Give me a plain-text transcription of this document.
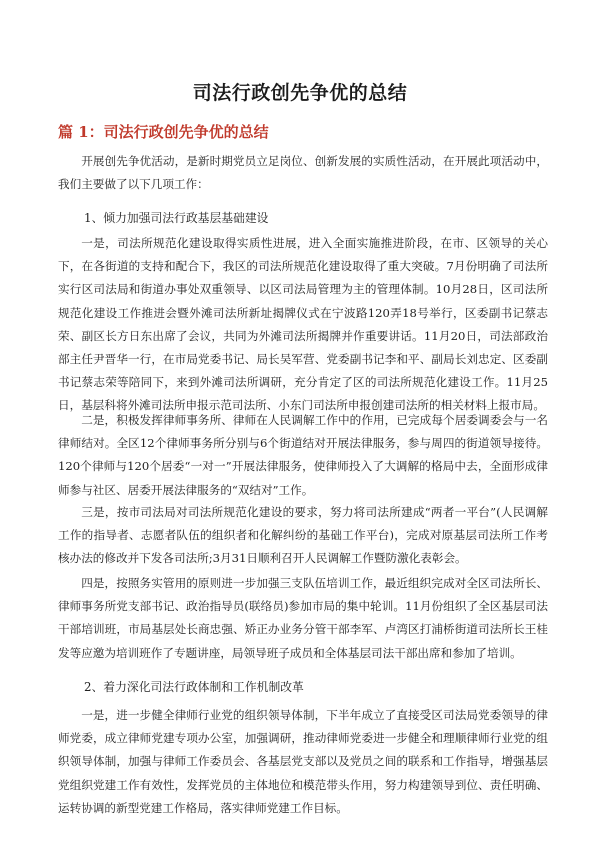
司法行政创先争优的总结
篇 1：司法行政创先争优的总结

开展创先争优活动，是新时期党员立足岗位、创新发展的实质性活动，在开展此项活动中，我们主要做了以下几项工作：

1、倾力加强司法行政基层基础建设

一是，司法所规范化建设取得实质性进展，进入全面实施推进阶段，在市、区领导的关心下，在各街道的支持和配合下，我区的司法所规范化建设取得了重大突破。7月份明确了司法所实行区司法局和街道办事处双重领导、以区司法局管理为主的管理体制。10月28日，区司法所规范化建设工作推进会暨外滩司法所新址揭牌仪式在宁波路120弄18号举行，区委副书记蔡志荣、副区长方日东出席了会议，共同为外滩司法所揭牌并作重要讲话。11月20日，司法部政治部主任尹晋华一行，在市局党委书记、局长吴军营、党委副书记李和平、副局长刘忠定、区委副书记蔡志荣等陪同下，来到外滩司法所调研，充分肯定了区的司法所规范化建设工作。11月25日，基层科将外滩司法所申报示范司法所、小东门司法所申报创建司法所的相关材料上报市局。

二是，积极发挥律师事务所、律师在人民调解工作中的作用，已完成每个居委调委会与一名律师结对。全区12个律师事务所分别与6个街道结对开展法律服务，参与周四的街道领导接待。120个律师与120个居委“一对一”开展法律服务，使律师投入了大调解的格局中去，全面形成律师参与社区、居委开展法律服务的“双结对”工作。

三是，按市司法局对司法所规范化建设的要求，努力将司法所建成“两者一平台”(人民调解工作的指导者、志愿者队伍的组织者和化解纠纷的基础工作平台)，完成对原基层司法所工作考核办法的修改并下发各司法所;3月31日顺利召开人民调解工作暨防激化表彰会。

四是，按照务实管用的原则进一步加强三支队伍培训工作，最近组织完成对全区司法所长、律师事务所党支部书记、政治指导员(联络员)参加市局的集中轮训。11月份组织了全区基层司法干部培训班，市局基层处长商忠强、矫正办业务分管干部李军、卢湾区打浦桥街道司法所长王桂发等应邀为培训班作了专题讲座，局领导班子成员和全体基层司法干部出席和参加了培训。

2、着力深化司法行政体制和工作机制改革

一是，进一步健全律师行业党的组织领导体制，下半年成立了直接受区司法局党委领导的律师党委，成立律师党建专项办公室，加强调研，推动律师党委进一步健全和理顺律师行业党的组织领导体制，加强与律师工作委员会、各基层党支部以及党员之间的联系和工作指导，增强基层党组织党建工作有效性，发挥党员的主体地位和模范带头作用，努力构建领导到位、责任明确、运转协调的新型党建工作格局，落实律师党建工作目标。
